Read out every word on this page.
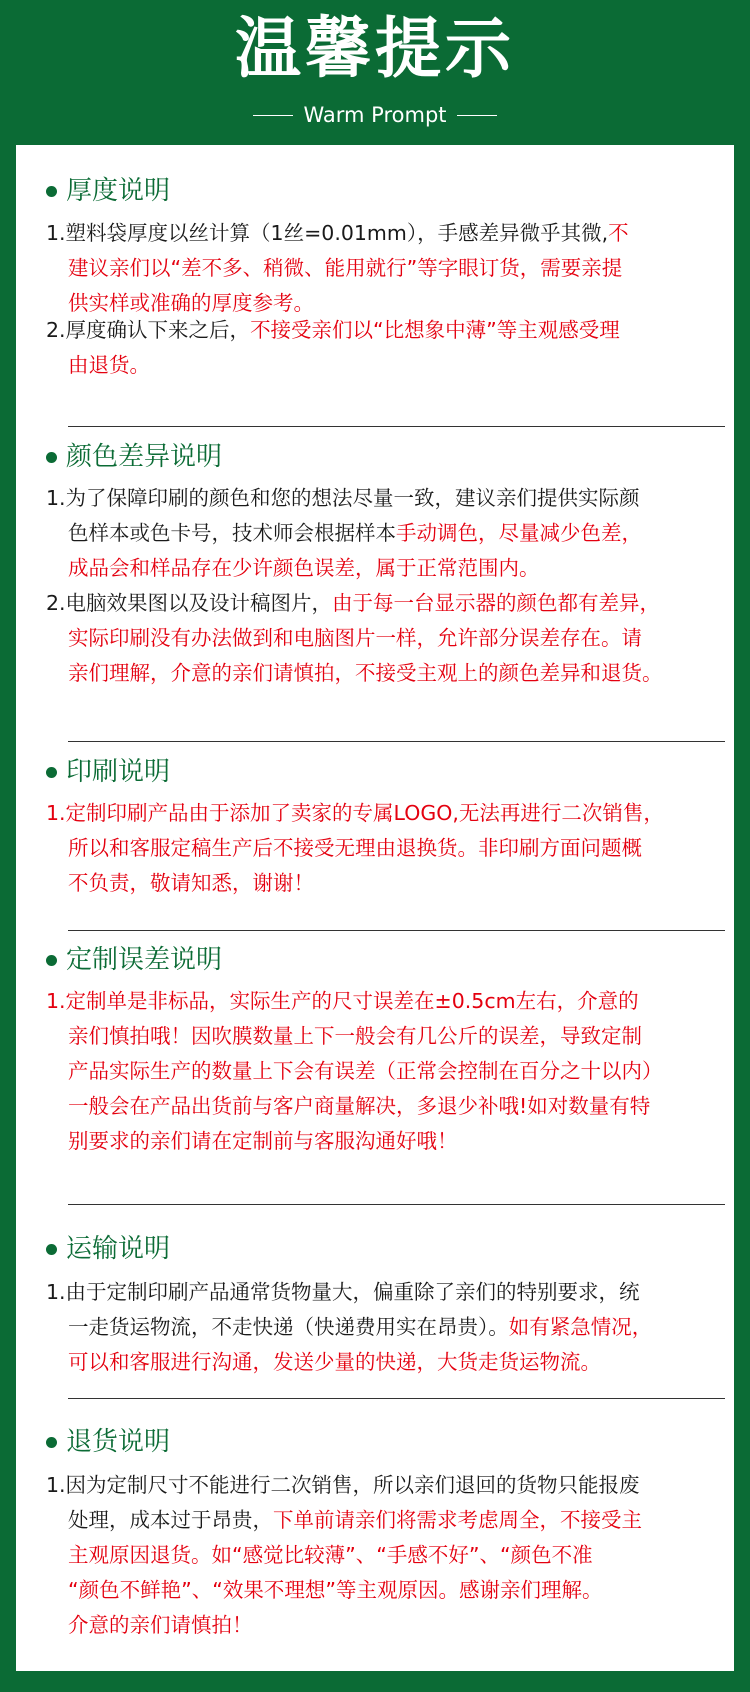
温馨提示
Warm Prompt
厚度说明
1.塑料袋厚度以丝计算（1丝=0.01mm），手感差异微乎其微,不
建议亲们以“差不多、稍微、能用就行”等字眼订货，需要亲提
供实样或准确的厚度参考。
2.厚度确认下来之后，不接受亲们以“比想象中薄”等主观感受理
由退货。
颜色差异说明
1.为了保障印刷的颜色和您的想法尽量一致，建议亲们提供实际颜
色样本或色卡号，技术师会根据样本手动调色，尽量减少色差，
成品会和样品存在少许颜色误差，属于正常范围内。
2.电脑效果图以及设计稿图片，由于每一台显示器的颜色都有差异，
实际印刷没有办法做到和电脑图片一样，允许部分误差存在。请
亲们理解，介意的亲们请慎拍，不接受主观上的颜色差异和退货。
印刷说明
1.定制印刷产品由于添加了卖家的专属LOGO,无法再进行二次销售，
所以和客服定稿生产后不接受无理由退换货。非印刷方面问题概
不负责，敬请知悉，谢谢！
定制误差说明
1.定制单是非标品，实际生产的尺寸误差在±0.5cm左右，介意的
亲们慎拍哦！因吹膜数量上下一般会有几公斤的误差，导致定制
产品实际生产的数量上下会有误差（正常会控制在百分之十以内）
一般会在产品出货前与客户商量解决，多退少补哦!如对数量有特
别要求的亲们请在定制前与客服沟通好哦！
运输说明
1.由于定制印刷产品通常货物量大，偏重除了亲们的特别要求，统
一走货运物流，不走快递（快递费用实在昂贵）。如有紧急情况，
可以和客服进行沟通，发送少量的快递，大货走货运物流。
退货说明
1.因为定制尺寸不能进行二次销售，所以亲们退回的货物只能报废
处理，成本过于昂贵，下单前请亲们将需求考虑周全，不接受主
主观原因退货。如“感觉比较薄”、“手感不好”、“颜色不准
“颜色不鲜艳”、“效果不理想”等主观原因。感谢亲们理解。
介意的亲们请慎拍！
